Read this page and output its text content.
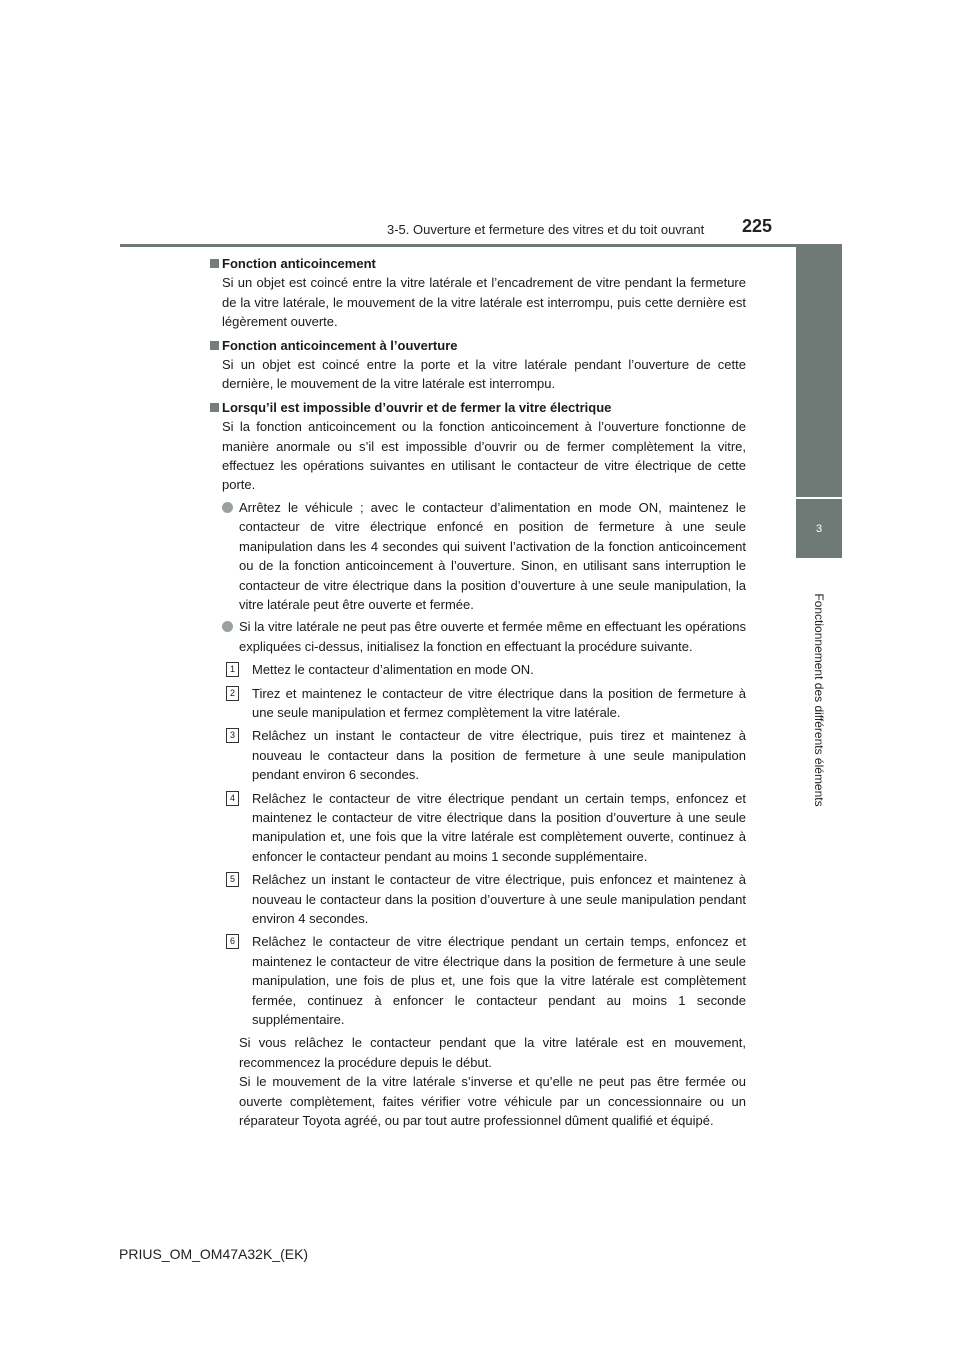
3-5. Ouverture et fermeture des vitres et du toit ouvrant 225
3
Fonctionnement des différents éléments
Fonction anticoincement
Si un objet est coincé entre la vitre latérale et l’encadrement de vitre pendant la fermeture de la vitre latérale, le mouvement de la vitre latérale est interrompu, puis cette dernière est légèrement ouverte.
Fonction anticoincement à l’ouverture
Si un objet est coincé entre la porte et la vitre latérale pendant l’ouverture de cette dernière, le mouvement de la vitre latérale est interrompu.
Lorsqu’il est impossible d’ouvrir et de fermer la vitre électrique
Si la fonction anticoincement ou la fonction anticoincement à l’ouverture fonctionne de manière anormale ou s’il est impossible d’ouvrir ou de fermer complètement la vitre, effectuez les opérations suivantes en utilisant le contacteur de vitre électrique de cette porte.
Arrêtez le véhicule ; avec le contacteur d’alimentation en mode ON, maintenez le contacteur de vitre électrique enfoncé en position de fermeture à une seule manipulation dans les 4 secondes qui suivent l’activation de la fonction anticoincement ou de la fonction anticoincement à l’ouverture. Sinon, en utilisant sans interruption le contacteur de vitre électrique dans la position d’ouverture à une seule manipulation, la vitre latérale peut être ouverte et fermée.
Si la vitre latérale ne peut pas être ouverte et fermée même en effectuant les opérations expliquées ci-dessus, initialisez la fonction en effectuant la procédure suivante.
1	Mettez le contacteur d’alimentation en mode ON.
2	Tirez et maintenez le contacteur de vitre électrique dans la position de fermeture à une seule manipulation et fermez complètement la vitre latérale.
3	Relâchez un instant le contacteur de vitre électrique, puis tirez et maintenez à nouveau le contacteur dans la position de fermeture à une seule manipulation pendant environ 6 secondes.
4	Relâchez le contacteur de vitre électrique pendant un certain temps, enfoncez et maintenez le contacteur de vitre électrique dans la position d’ouverture à une seule manipulation et, une fois que la vitre latérale est complètement ouverte, continuez à enfoncer le contacteur pendant au moins 1 seconde supplémentaire.
5	Relâchez un instant le contacteur de vitre électrique, puis enfoncez et maintenez à nouveau le contacteur dans la position d’ouverture à une seule manipulation pendant environ 4 secondes.
6	Relâchez le contacteur de vitre électrique pendant un certain temps, enfoncez et maintenez le contacteur de vitre électrique dans la position de fermeture à une seule manipulation, une fois de plus et, une fois que la vitre latérale est complètement fermée, continuez à enfoncer le contacteur pendant au moins 1 seconde supplémentaire.
Si vous relâchez le contacteur pendant que la vitre latérale est en mouvement, recommencez la procédure depuis le début.
Si le mouvement de la vitre latérale s’inverse et qu’elle ne peut pas être fermée ou ouverte complètement, faites vérifier votre véhicule par un concessionnaire ou un réparateur Toyota agréé, ou par tout autre professionnel dûment qualifié et équipé.
PRIUS_OM_OM47A32K_(EK)
